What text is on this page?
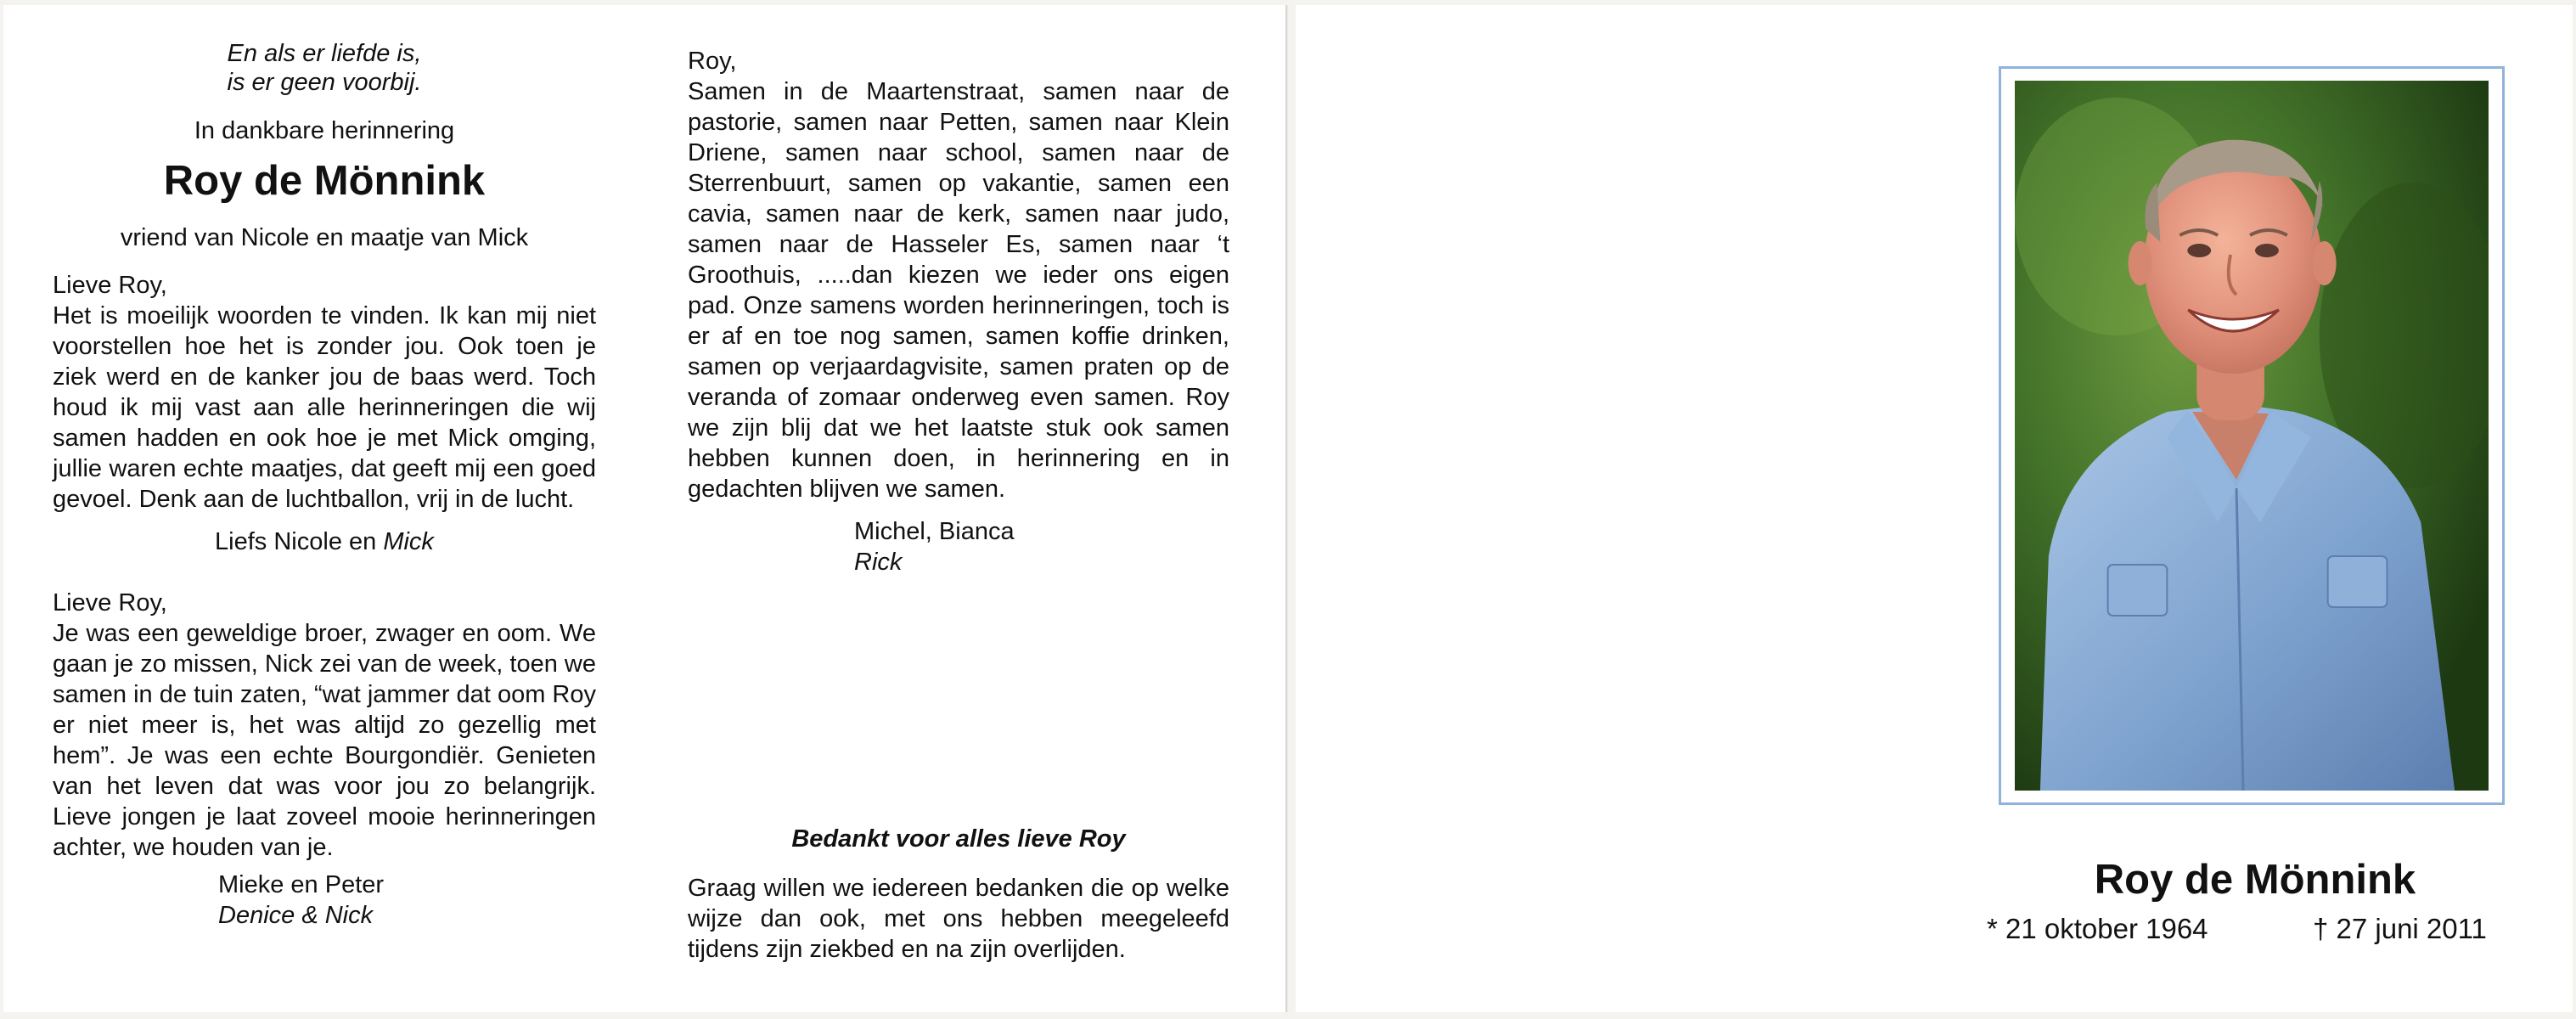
En als er liefde is,
is er geen voorbij.
In dankbare herinnering
Roy de Mönnink
vriend van Nicole en maatje van Mick

Lieve Roy,

Het is moeilijk woorden te vinden. Ik kan mij niet voorstellen hoe het is zonder jou. Ook toen je ziek werd en de kanker jou de baas werd. Toch houd ik mij vast aan alle herinneringen die wij samen hadden en ook hoe je met Mick omging, jullie waren echte maatjes, dat geeft mij een goed gevoel. Denk aan de luchtballon, vrij in de lucht.

Liefs Nicole en Mick

Lieve Roy,

Je was een geweldige broer, zwager en oom. We gaan je zo missen, Nick zei van de week, toen we samen in de tuin zaten, “wat jammer dat oom Roy er niet meer is, het was altijd zo gezellig met hem”. Je was een echte Bourgondiër. Genieten van het leven dat was voor jou zo belangrijk. Lieve jongen je laat zoveel mooie herinneringen achter, we houden van je.

Mieke en Peter
Denice & Nick

Roy,

Samen in de Maartenstraat, samen naar de pastorie, samen naar Petten, samen naar Klein Driene, samen naar school, samen naar de Sterrenbuurt, samen op vakantie, samen een cavia, samen naar de kerk, samen naar judo, samen naar de Hasseler Es, samen naar ‘t Groothuis, .....dan kiezen we ieder ons eigen pad. Onze samens worden herinneringen, toch is er af en toe nog samen, samen koffie drinken, samen op verjaardagvisite, samen praten op de veranda of zomaar onderweg even samen. Roy we zijn blij dat we het laatste stuk ook samen hebben kunnen doen, in herinnering en in gedachten blijven we samen.

Michel, Bianca
Rick
Bedankt voor alles lieve Roy

Graag willen we iedereen bedanken die op welke wijze dan ook, met ons hebben meegeleefd tijdens zijn ziekbed en na zijn overlijden.

Roy de Mönnink
* 21 oktober 1964	† 27 juni 2011
